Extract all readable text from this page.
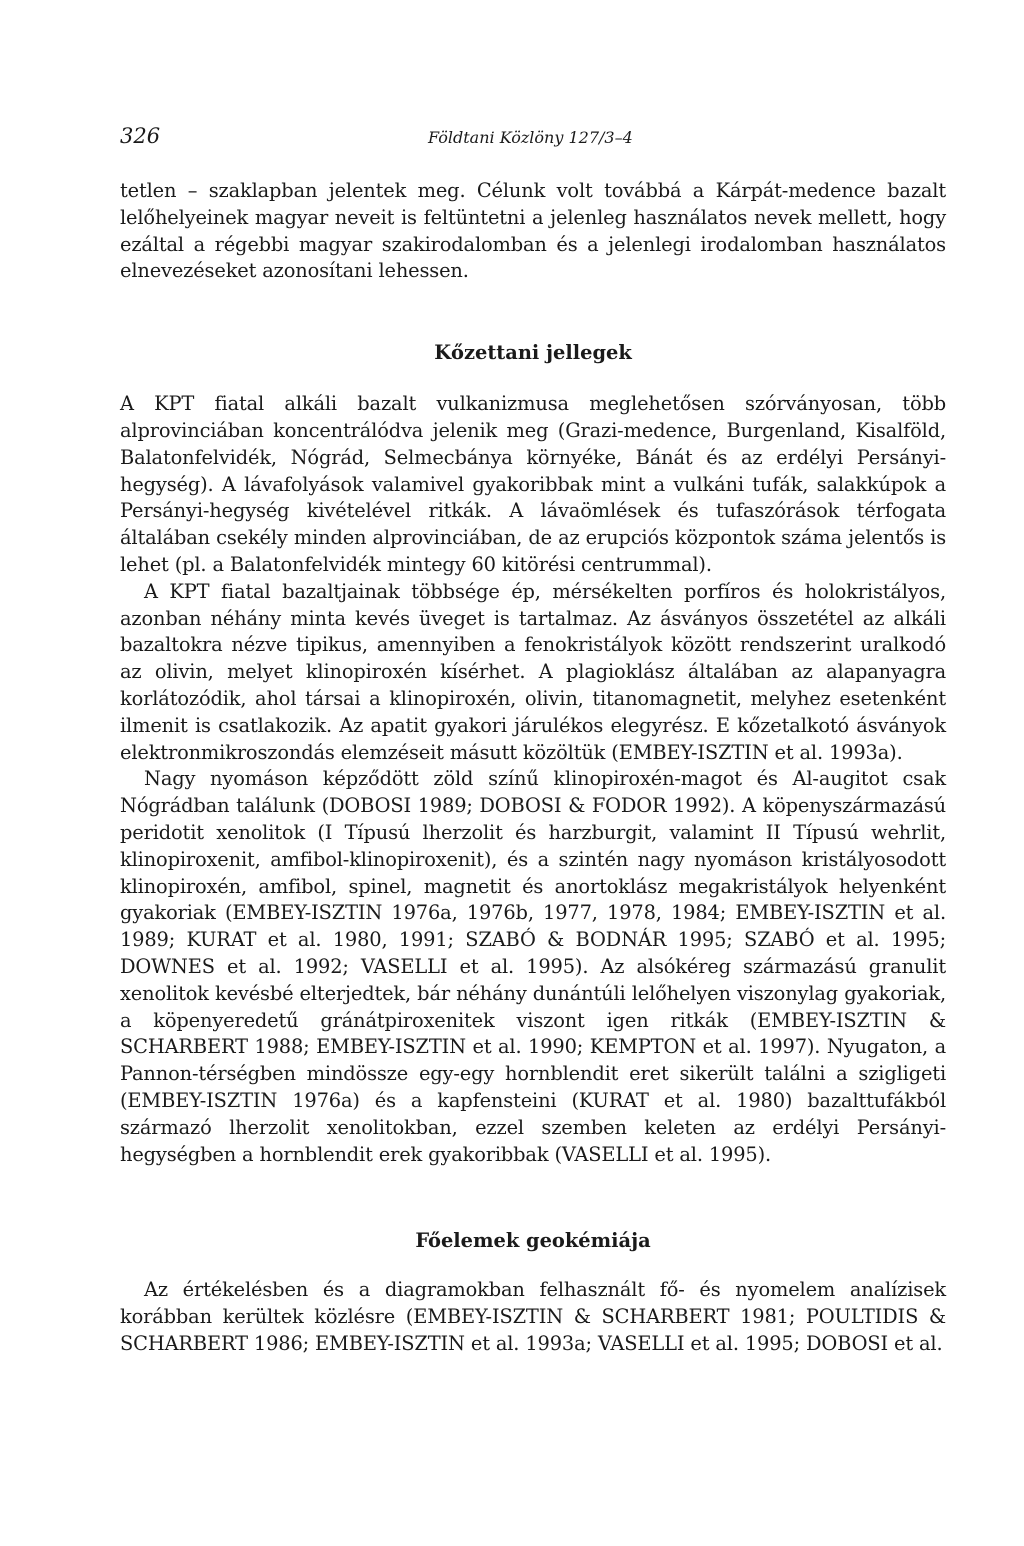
326	Földtani Közlöny 127/3–4

tetlen – szaklapban jelentek meg. Célunk volt továbbá a Kárpát-medence bazalt lelőhelyeinek magyar neveit is feltüntetni a jelenleg használatos nevek mellett, hogy ezáltal a régebbi magyar szakirodalomban és a jelenlegi irodalomban használatos elnevezéseket azonosítani lehessen.

Kőzettani jellegek

A KPT fiatal alkáli bazalt vulkanizmusa meglehetősen szórványosan, több alprovinciában koncentrálódva jelenik meg (Grazi-medence, Burgenland, Kisalföld, Balatonfelvidék, Nógrád, Selmecbánya környéke, Bánát és az erdélyi Persányi-hegység). A lávafolyások valamivel gyakoribbak mint a vulkáni tufák, salakkúpok a Persányi-hegység kivételével ritkák. A lávaömlések és tufaszórások térfogata általában csekély minden alprovinciában, de az erupciós központok száma jelentős is lehet (pl. a Balatonfelvidék mintegy 60 kitörési centrummal).

A KPT fiatal bazaltjainak többsége ép, mérsékelten porfíros és holokristályos, azonban néhány minta kevés üveget is tartalmaz. Az ásványos összetétel az alkáli bazaltokra nézve tipikus, amennyiben a fenokristályok között rendszerint uralkodó az olivin, melyet klinopiroxén kísérhet. A plagioklász általában az alapanyagra korlátozódik, ahol társai a klinopiroxén, olivin, titanomagnetit, melyhez esetenként ilmenit is csatlakozik. Az apatit gyakori járulékos elegyrész. E kőzetalkotó ásványok elektronmikroszondás elemzéseit másutt közöltük (EMBEY-ISZTIN et al. 1993a).

Nagy nyomáson képződött zöld színű klinopiroxén-magot és Al-augitot csak Nógrádban találunk (DOBOSI 1989; DOBOSI & FODOR 1992). A köpenyszármazású peridotit xenolitok (I Típusú lherzolit és harzburgit, valamint II Típusú wehrlit, klinopiroxenit, amfibol-klinopiroxenit), és a szintén nagy nyomáson kristályosodott klinopiroxén, amfibol, spinel, magnetit és anortoklász megakristályok helyenként gyakoriak (EMBEY-ISZTIN 1976a, 1976b, 1977, 1978, 1984; EMBEY-ISZTIN et al. 1989; KURAT et al. 1980, 1991; SZABÓ & BODNÁR 1995; SZABÓ et al. 1995; DOWNES et al. 1992; VASELLI et al. 1995). Az alsókéreg származású granulit xenolitok kevésbé elterjedtek, bár néhány dunántúli lelőhelyen viszonylag gyakoriak, a köpenyeredetű gránátpiroxenitek viszont igen ritkák (EMBEY-ISZTIN & SCHARBERT 1988; EMBEY-ISZTIN et al. 1990; KEMPTON et al. 1997). Nyugaton, a Pannon-térségben mindössze egy-egy hornblendit eret sikerült találni a szigligeti (EMBEY-ISZTIN 1976a) és a kapfensteini (KURAT et al. 1980) bazalttufákból származó lherzolit xenolitokban, ezzel szemben keleten az erdélyi Persányi-hegységben a hornblendit erek gyakoribbak (VASELLI et al. 1995).

Főelemek geokémiája

Az értékelésben és a diagramokban felhasznált fő- és nyomelem analízisek korábban kerültek közlésre (EMBEY-ISZTIN & SCHARBERT 1981; POULTIDIS & SCHARBERT 1986; EMBEY-ISZTIN et al. 1993a; VASELLI et al. 1995; DOBOSI et al.
